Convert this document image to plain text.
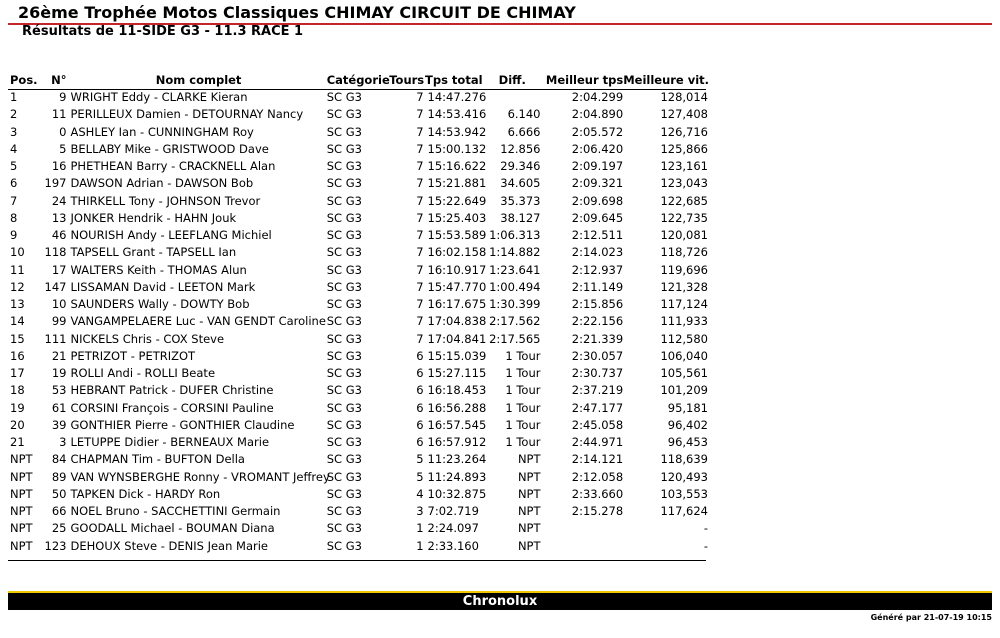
26ème Trophée Motos Classiques CHIMAY CIRCUIT DE CHIMAY
Résultats de 11-SIDE G3 - 11.3 RACE 1
Pos.	N°	Nom complet	Catégorie	Tours	Tps total	Diff.	Meilleur tps	Meilleure vit.
1	9	WRIGHT Eddy - CLARKE Kieran	SC G3	7	14:47.276		2:04.299	128,014
2	11	PERILLEUX Damien - DETOURNAY Nancy	SC G3	7	14:53.416	6.140	2:04.890	127,408
3	0	ASHLEY Ian - CUNNINGHAM Roy	SC G3	7	14:53.942	6.666	2:05.572	126,716
4	5	BELLABY Mike - GRISTWOOD Dave	SC G3	7	15:00.132	12.856	2:06.420	125,866
5	16	PHETHEAN Barry - CRACKNELL Alan	SC G3	7	15:16.622	29.346	2:09.197	123,161
6	197	DAWSON Adrian - DAWSON Bob	SC G3	7	15:21.881	34.605	2:09.321	123,043
7	24	THIRKELL Tony - JOHNSON Trevor	SC G3	7	15:22.649	35.373	2:09.698	122,685
8	13	JONKER Hendrik - HAHN Jouk	SC G3	7	15:25.403	38.127	2:09.645	122,735
9	46	NOURISH Andy - LEEFLANG Michiel	SC G3	7	15:53.589	1:06.313	2:12.511	120,081
10	118	TAPSELL Grant - TAPSELL Ian	SC G3	7	16:02.158	1:14.882	2:14.023	118,726
11	17	WALTERS Keith - THOMAS Alun	SC G3	7	16:10.917	1:23.641	2:12.937	119,696
12	147	LISSAMAN David - LEETON Mark	SC G3	7	15:47.770	1:00.494	2:11.149	121,328
13	10	SAUNDERS Wally - DOWTY Bob	SC G3	7	16:17.675	1:30.399	2:15.856	117,124
14	99	VANGAMPELAERE Luc - VAN GENDT Caroline	SC G3	7	17:04.838	2:17.562	2:22.156	111,933
15	111	NICKELS Chris - COX Steve	SC G3	7	17:04.841	2:17.565	2:21.339	112,580
16	21	PETRIZOT - PETRIZOT	SC G3	6	15:15.039	1 Tour	2:30.057	106,040
17	19	ROLLI Andi - ROLLI Beate	SC G3	6	15:27.115	1 Tour	2:30.737	105,561
18	53	HEBRANT Patrick - DUFER Christine	SC G3	6	16:18.453	1 Tour	2:37.219	101,209
19	61	CORSINI François - CORSINI Pauline	SC G3	6	16:56.288	1 Tour	2:47.177	95,181
20	39	GONTHIER Pierre - GONTHIER Claudine	SC G3	6	16:57.545	1 Tour	2:45.058	96,402
21	3	LETUPPE Didier - BERNEAUX Marie	SC G3	6	16:57.912	1 Tour	2:44.971	96,453
NPT	84	CHAPMAN Tim - BUFTON Della	SC G3	5	11:23.264	NPT	2:14.121	118,639
NPT	89	VAN WYNSBERGHE Ronny - VROMANT Jeffrey	SC G3	5	11:24.893	NPT	2:12.058	120,493
NPT	50	TAPKEN Dick - HARDY Ron	SC G3	4	10:32.875	NPT	2:33.660	103,553
NPT	66	NOEL Bruno - SACCHETTINI Germain	SC G3	3	7:02.719	NPT	2:15.278	117,624
NPT	25	GOODALL Michael - BOUMAN Diana	SC G3	1	2:24.097	NPT		-
NPT	123	DEHOUX Steve - DENIS Jean Marie	SC G3	1	2:33.160	NPT		-
Chronolux
Généré par 21-07-19 10:15
